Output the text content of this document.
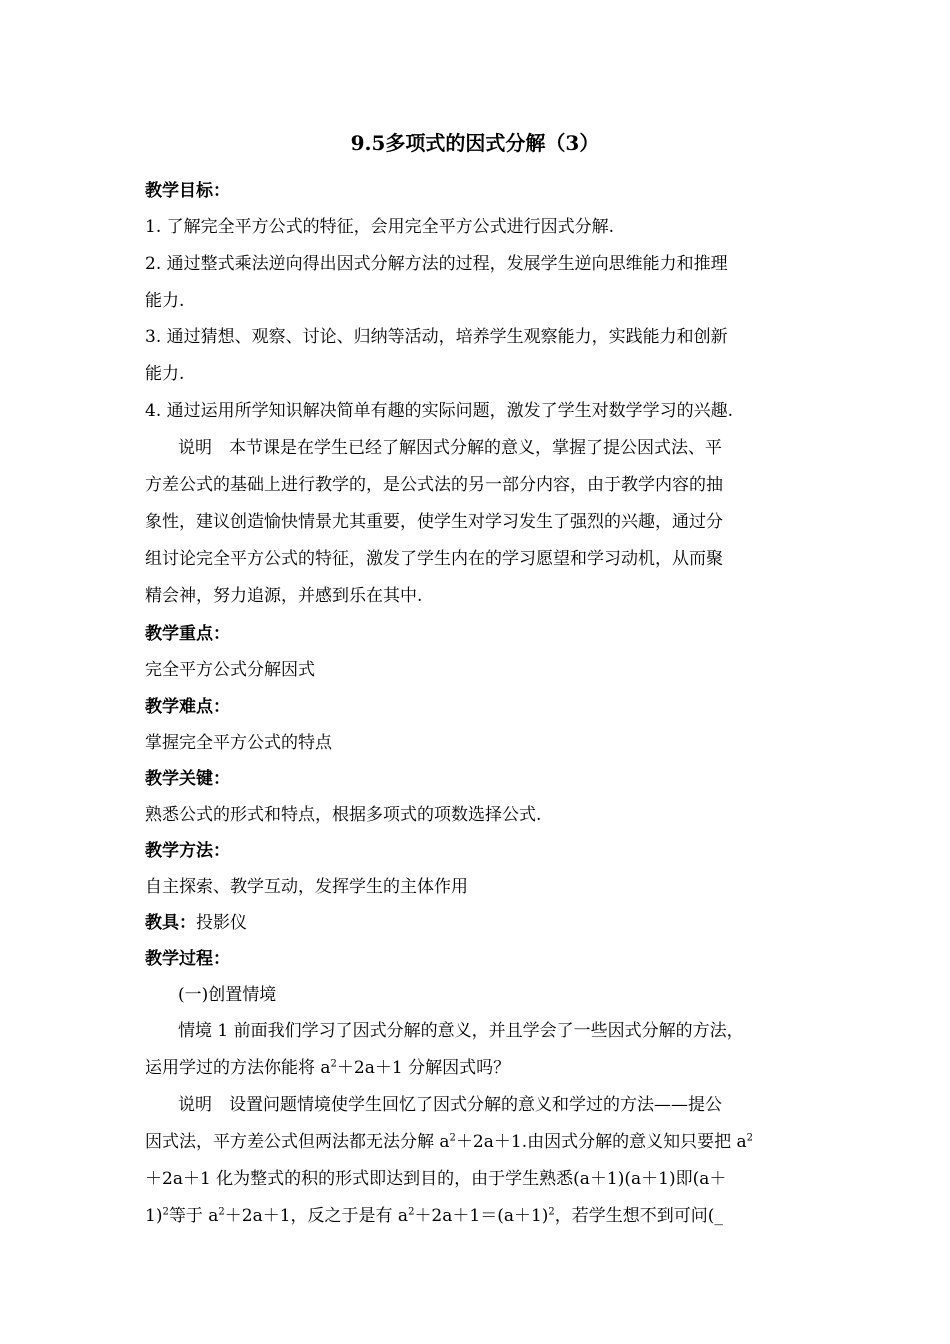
9.5多项式的因式分解（3）
教学目标：
1. 了解完全平方公式的特征，会用完全平方公式进行因式分解.
2. 通过整式乘法逆向得出因式分解方法的过程，发展学生逆向思维能力和推理
能力.
3. 通过猜想、观察、讨论、归纳等活动，培养学生观察能力，实践能力和创新
能力.
4. 通过运用所学知识解决简单有趣的实际问题，激发了学生对数学学习的兴趣.
说明　本节课是在学生已经了解因式分解的意义，掌握了提公因式法、平
方差公式的基础上进行教学的，是公式法的另一部分内容，由于教学内容的抽
象性，建议创造愉快情景尤其重要，使学生对学习发生了强烈的兴趣，通过分
组讨论完全平方公式的特征，激发了学生内在的学习愿望和学习动机，从而聚
精会神，努力追源，并感到乐在其中.
教学重点：
完全平方公式分解因式
教学难点：
掌握完全平方公式的特点
教学关键：
熟悉公式的形式和特点，根据多项式的项数选择公式.
教学方法：
自主探索、教学互动，发挥学生的主体作用
教具：投影仪
教学过程：
(一)创置情境
情境 1 前面我们学习了因式分解的意义，并且学会了一些因式分解的方法，
运用学过的方法你能将 $a^2+2a+1$ 分解因式吗？
说明　设置问题情境使学生回忆了因式分解的意义和学过的方法——提公
因式法，平方差公式但两法都无法分解 $a^2+2a+1$.由因式分解的意义知只要把 $a^2$
＋2a＋1 化为整式的积的形式即达到目的，由于学生熟悉(a＋1)(a＋1)即(a＋
1)$^2$等于 $a^2+2a+1$，反之于是有 $a^2+2a+1=(a+1)^2$，若学生想不到可问(_
